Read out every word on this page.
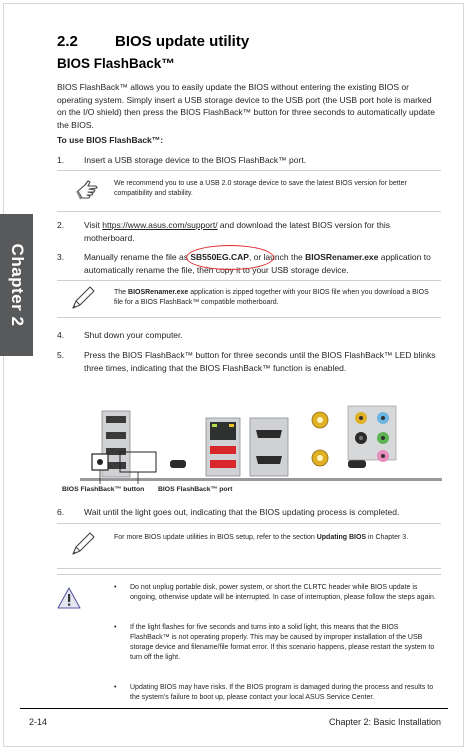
Chapter 2
2.2 BIOS update utility
BIOS FlashBack™

BIOS FlashBack™ allows you to easily update the BIOS without entering the existing BIOS or operating system. Simply insert a USB storage device to the USB port (the USB port hole is marked on the I/O shield) then press the BIOS FlashBack™ button for three seconds to automatically update the BIOS.

To use BIOS FlashBack™:

1. Insert a USB storage device to the BIOS FlashBack™ port.

We recommend you to use a USB 2.0 storage device to save the latest BIOS version for better compatibility and stability.

2. Visit https://www.asus.com/support/ and download the latest BIOS version for this motherboard.
3. Manually rename the file as SB550EG.CAP, or launch the BIOSRenamer.exe application to automatically rename the file, then copy it to your USB storage device.

The BIOSRenamer.exe application is zipped together with your BIOS file when you download a BIOS file for a BIOS FlashBack™ compatible motherboard.

4. Shut down your computer.
5. Press the BIOS FlashBack™ button for three seconds until the BIOS FlashBack™ LED blinks three times, indicating that the BIOS FlashBack™ function is enabled.
BIOS FlashBack™ button BIOS FlashBack™ port
6. Wait until the light goes out, indicating that the BIOS updating process is completed.

For more BIOS update utilities in BIOS setup, refer to the section Updating BIOS in Chapter 3.

• Do not unplug portable disk, power system, or short the CLRTC header while BIOS update is ongoing, otherwise update will be interrupted. In case of interruption, please follow the steps again.
• If the light flashes for five seconds and turns into a solid light, this means that the BIOS FlashBack™ is not operating properly. This may be caused by improper installation of the USB storage device and filename/file format error. If this scenario happens, please restart the system to turn off the light.
• Updating BIOS may have risks. If the BIOS program is damaged during the process and results to the system’s failure to boot up, please contact your local ASUS Service Center.
2-14	Chapter 2: Basic Installation
